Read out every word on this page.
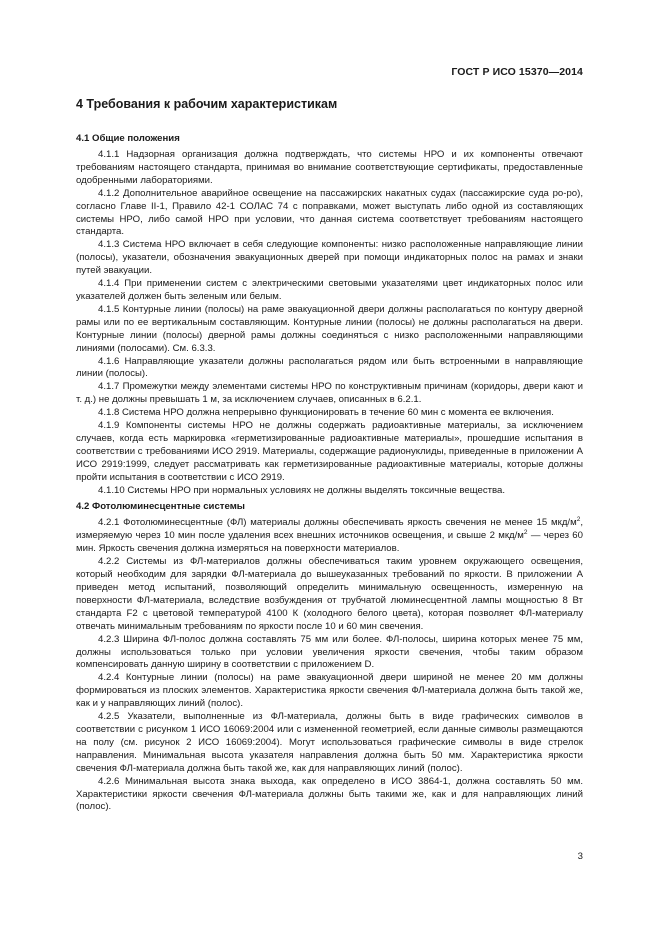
ГОСТ Р ИСО 15370—2014
4 Требования к рабочим характеристикам
4.1 Общие положения

4.1.1 Надзорная организация должна подтверждать, что системы НРО и их компоненты отвечают требованиям настоящего стандарта, принимая во внимание соответствующие сертификаты, предоставленные одобренными лабораториями.

4.1.2 Дополнительное аварийное освещение на пассажирских накатных судах (пассажирские суда ро-ро), согласно Главе II-1, Правило 42-1 СОЛАС 74 с поправками, может выступать либо одной из составляющих системы НРО, либо самой НРО при условии, что данная система соответствует требованиям настоящего стандарта.

4.1.3 Система НРО включает в себя следующие компоненты: низко расположенные направляющие линии (полосы), указатели, обозначения эвакуационных дверей при помощи индикаторных полос на рамах и знаки путей эвакуации.

4.1.4 При применении систем с электрическими световыми указателями цвет индикаторных полос или указателей должен быть зеленым или белым.

4.1.5 Контурные линии (полосы) на раме эвакуационной двери должны располагаться по контуру дверной рамы или по ее вертикальным составляющим. Контурные линии (полосы) не должны располагаться на двери. Контурные линии (полосы) дверной рамы должны соединяться с низко расположенными направляющими линиями (полосами). См. 6.3.3.

4.1.6 Направляющие указатели должны располагаться рядом или быть встроенными в направляющие линии (полосы).

4.1.7 Промежутки между элементами системы НРО по конструктивным причинам (коридоры, двери кают и т. д.) не должны превышать 1 м, за исключением случаев, описанных в 6.2.1.

4.1.8 Система НРО должна непрерывно функционировать в течение 60 мин с момента ее включения.

4.1.9 Компоненты системы НРО не должны содержать радиоактивные материалы, за исключением случаев, когда есть маркировка «герметизированные радиоактивные материалы», прошедшие испытания в соответствии с требованиями ИСО 2919. Материалы, содержащие радионуклиды, приведенные в приложении А ИСО 2919:1999, следует рассматривать как герметизированные радиоактивные материалы, которые должны пройти испытания в соответствии с ИСО 2919.

4.1.10 Системы НРО при нормальных условиях не должны выделять токсичные вещества.

4.2 Фотолюминесцентные системы

4.2.1 Фотолюминесцентные (ФЛ) материалы должны обеспечивать яркость свечения не менее 15 мкд/$м^2$, измеряемую через 10 мин после удаления всех внешних источников освещения, и свыше 2 мкд/$м^2$ — через 60 мин. Яркость свечения должна измеряться на поверхности материалов.

4.2.2 Системы из ФЛ-материалов должны обеспечиваться таким уровнем окружающего освещения, который необходим для зарядки ФЛ-материала до вышеуказанных требований по яркости. В приложении А приведен метод испытаний, позволяющий определить минимальную освещенность, измеренную на поверхности ФЛ-материала, вследствие возбуждения от трубчатой люминесцентной лампы мощностью 8 Вт стандарта F2 с цветовой температурой 4100 К (холодного белого цвета), которая позволяет ФЛ-материалу отвечать минимальным требованиям по яркости после 10 и 60 мин свечения.

4.2.3 Ширина ФЛ-полос должна составлять 75 мм или более. ФЛ-полосы, ширина которых менее 75 мм, должны использоваться только при условии увеличения яркости свечения, чтобы таким образом компенсировать данную ширину в соответствии с приложением D.

4.2.4 Контурные линии (полосы) на раме эвакуационной двери шириной не менее 20 мм должны формироваться из плоских элементов. Характеристика яркости свечения ФЛ-материала должна быть такой же, как и у направляющих линий (полос).

4.2.5 Указатели, выполненные из ФЛ-материала, должны быть в виде графических символов в соответствии с рисунком 1 ИСО 16069:2004 или с измененной геометрией, если данные символы размещаются на полу (см. рисунок 2 ИСО 16069:2004). Могут использоваться графические символы в виде стрелок направления. Минимальная высота указателя направления должна быть 50 мм. Характеристика яркости свечения ФЛ-материала должна быть такой же, как для направляющих линий (полос).

4.2.6 Минимальная высота знака выхода, как определено в ИСО 3864-1, должна составлять 50 мм. Характеристики яркости свечения ФЛ-материала должны быть такими же, как и для направляющих линий (полос).

3
